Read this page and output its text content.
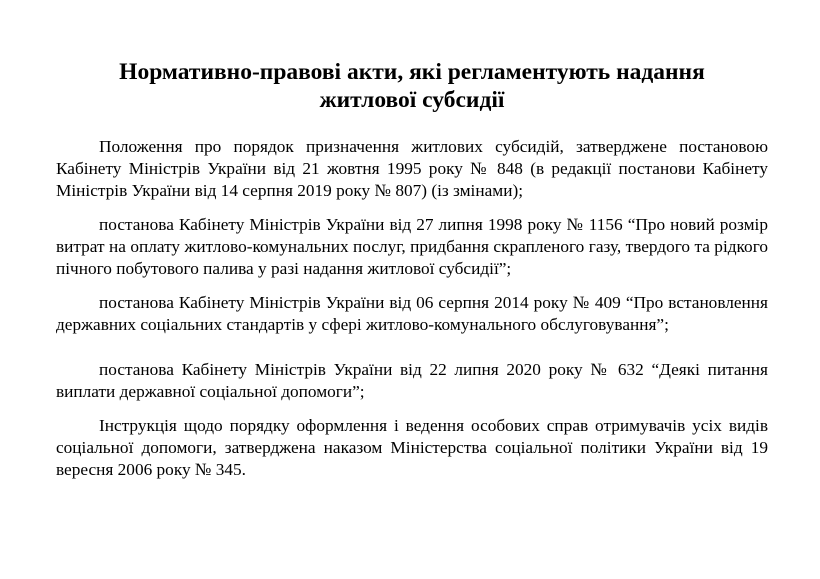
Нормативно-правові акти, які регламентують надання
житлової субсидії

Положення про порядок призначення житлових субсидій, затверджене постановою Кабінету Міністрів України від 21 жовтня 1995 року № 848 (в редакції постанови Кабінету Міністрів України від 14 серпня 2019 року № 807) (із змінами);

постанова Кабінету Міністрів України від 27 липня 1998 року № 1156 “Про новий розмір витрат на оплату житлово-комунальних послуг, придбання скрапленого газу, твердого та рідкого пічного побутового палива у разі надання житлової субсидії”;

постанова Кабінету Міністрів України від 06 серпня 2014 року № 409 “Про встановлення державних соціальних стандартів у сфері житлово-комунального обслуговування”;

постанова Кабінету Міністрів України від 22 липня 2020 року № 632 “Деякі питання виплати державної соціальної допомоги”;

Інструкція щодо порядку оформлення і ведення особових справ отримувачів усіх видів соціальної допомоги, затверджена наказом Міністерства соціальної політики України від 19 вересня 2006 року № 345.
